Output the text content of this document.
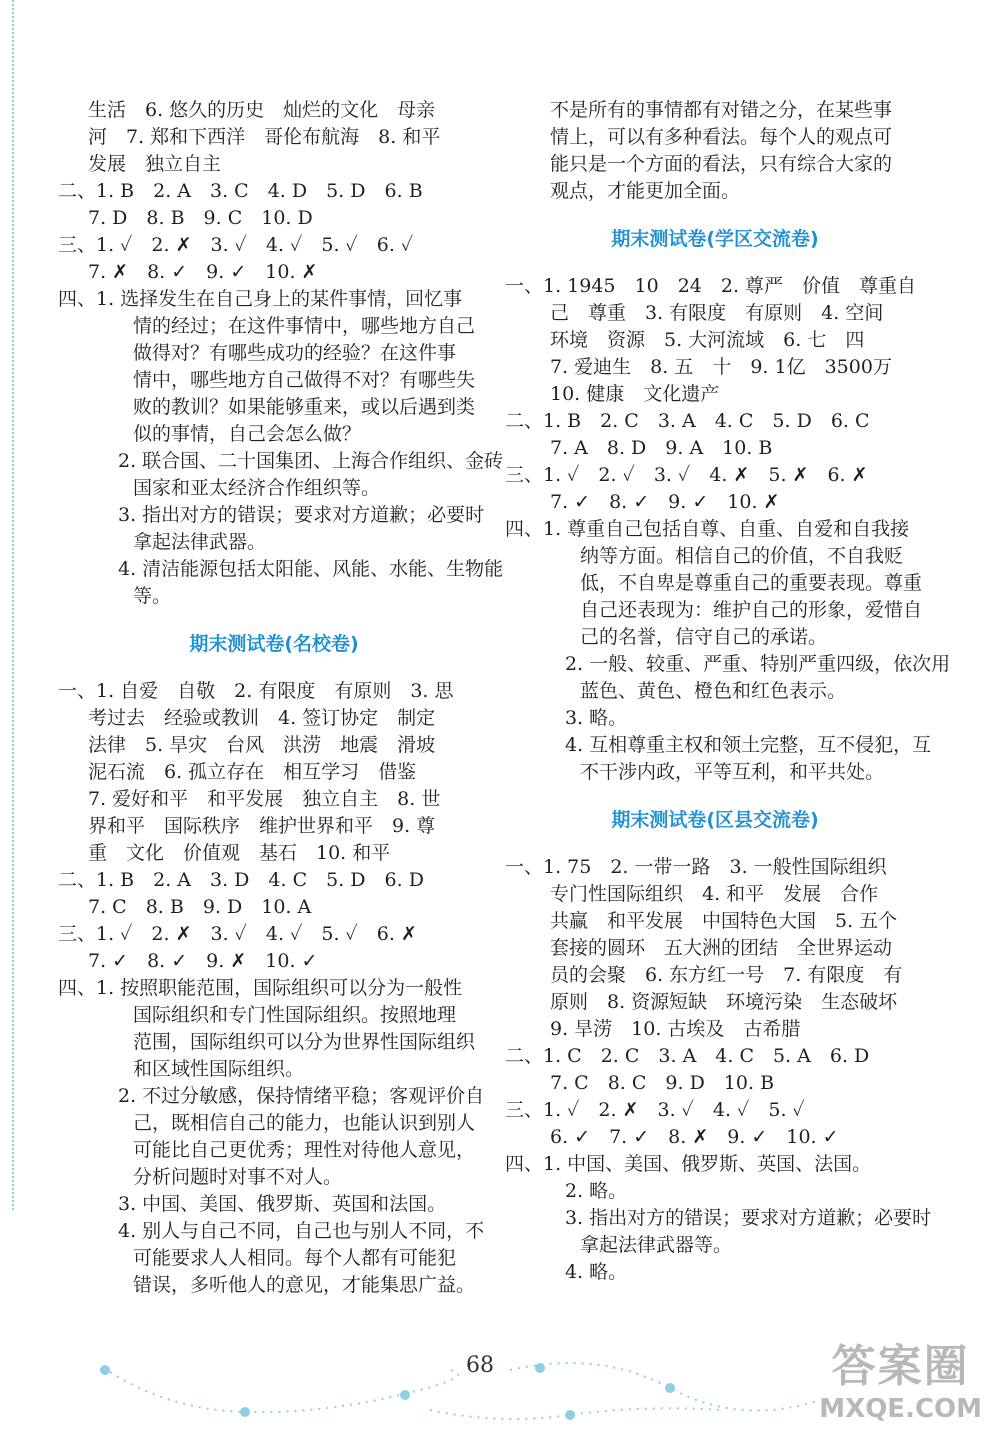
生活　6. 悠久的历史　灿烂的文化　母亲
河　7. 郑和下西洋　哥伦布航海　8. 和平
发展　独立自主
二、1. B　2. A　3. C　4. D　5. D　6. B
7. D　8. B　9. C　10. D
三、1. ✓　2. ✗　3. ✓　4. ✓　5. ✓　6. ✓
7. ✗　8. ✓　9. ✓　10. ✗
四、1. 选择发生在自己身上的某件事情，回忆事
情的经过；在这件事情中，哪些地方自己
做得对？有哪些成功的经验？在这件事
情中，哪些地方自己做得不对？有哪些失
败的教训？如果能够重来，或以后遇到类
似的事情，自己会怎么做？
2. 联合国、二十国集团、上海合作组织、金砖
国家和亚太经济合作组织等。
3. 指出对方的错误；要求对方道歉；必要时
拿起法律武器。
4. 清洁能源包括太阳能、风能、水能、生物能
等。
期末测试卷(名校卷)
一、1. 自爱　自敬　2. 有限度　有原则　3. 思
考过去　经验或教训　4. 签订协定　制定
法律　5. 旱灾　台风　洪涝　地震　滑坡
泥石流　6. 孤立存在　相互学习　借鉴
7. 爱好和平　和平发展　独立自主　8. 世
界和平　国际秩序　维护世界和平　9. 尊
重　文化　价值观　基石　10. 和平
二、1. B　2. A　3. D　4. C　5. D　6. D
7. C　8. B　9. D　10. A
三、1. ✓　2. ✗　3. ✓　4. ✓　5. ✓　6. ✗
7. ✓　8. ✓　9. ✗　10. ✓
四、1. 按照职能范围，国际组织可以分为一般性
国际组织和专门性国际组织。按照地理
范围，国际组织可以分为世界性国际组织
和区域性国际组织。
2. 不过分敏感，保持情绪平稳；客观评价自
己，既相信自己的能力，也能认识到别人
可能比自己更优秀；理性对待他人意见，
分析问题时对事不对人。
3. 中国、美国、俄罗斯、英国和法国。
4. 别人与自己不同，自己也与别人不同，不
可能要求人人相同。每个人都有可能犯
错误，多听他人的意见，才能集思广益。
不是所有的事情都有对错之分，在某些事
情上，可以有多种看法。每个人的观点可
能只是一个方面的看法，只有综合大家的
观点，才能更加全面。
期末测试卷(学区交流卷)
一、1. 1945　10　24　2. 尊严　价值　尊重自
己　尊重　3. 有限度　有原则　4. 空间
环境　资源　5. 大河流域　6. 七　四
7. 爱迪生　8. 五　十　9. 1亿　3500万
10. 健康　文化遗产
二、1. B　2. C　3. A　4. C　5. D　6. C
7. A　8. D　9. A　10. B
三、1. ✓　2. ✓　3. ✓　4. ✗　5. ✗　6. ✗
7. ✓　8. ✓　9. ✓　10. ✗
四、1. 尊重自己包括自尊、自重、自爱和自我接
纳等方面。相信自己的价值，不自我贬
低，不自卑是尊重自己的重要表现。尊重
自己还表现为：维护自己的形象，爱惜自
己的名誉，信守自己的承诺。
2. 一般、较重、严重、特别严重四级，依次用
蓝色、黄色、橙色和红色表示。
3. 略。
4. 互相尊重主权和领土完整，互不侵犯，互
不干涉内政，平等互利，和平共处。
期末测试卷(区县交流卷)
一、1. 75　2. 一带一路　3. 一般性国际组织
专门性国际组织　4. 和平　发展　合作
共赢　和平发展　中国特色大国　5. 五个
套接的圆环　五大洲的团结　全世界运动
员的会聚　6. 东方红一号　7. 有限度　有
原则　8. 资源短缺　环境污染　生态破坏
9. 旱涝　10. 古埃及　古希腊
二、1. C　2. C　3. A　4. C　5. A　6. D
7. C　8. C　9. D　10. B
三、1. ✓　2. ✗　3. ✓　4. ✓　5. ✓
6. ✓　7. ✓　8. ✗　9. ✓　10. ✓
四、1. 中国、美国、俄罗斯、英国、法国。
2. 略。
3. 指出对方的错误；要求对方道歉；必要时
拿起法律武器等。
4. 略。
68	答案圈
MXQE.COM
